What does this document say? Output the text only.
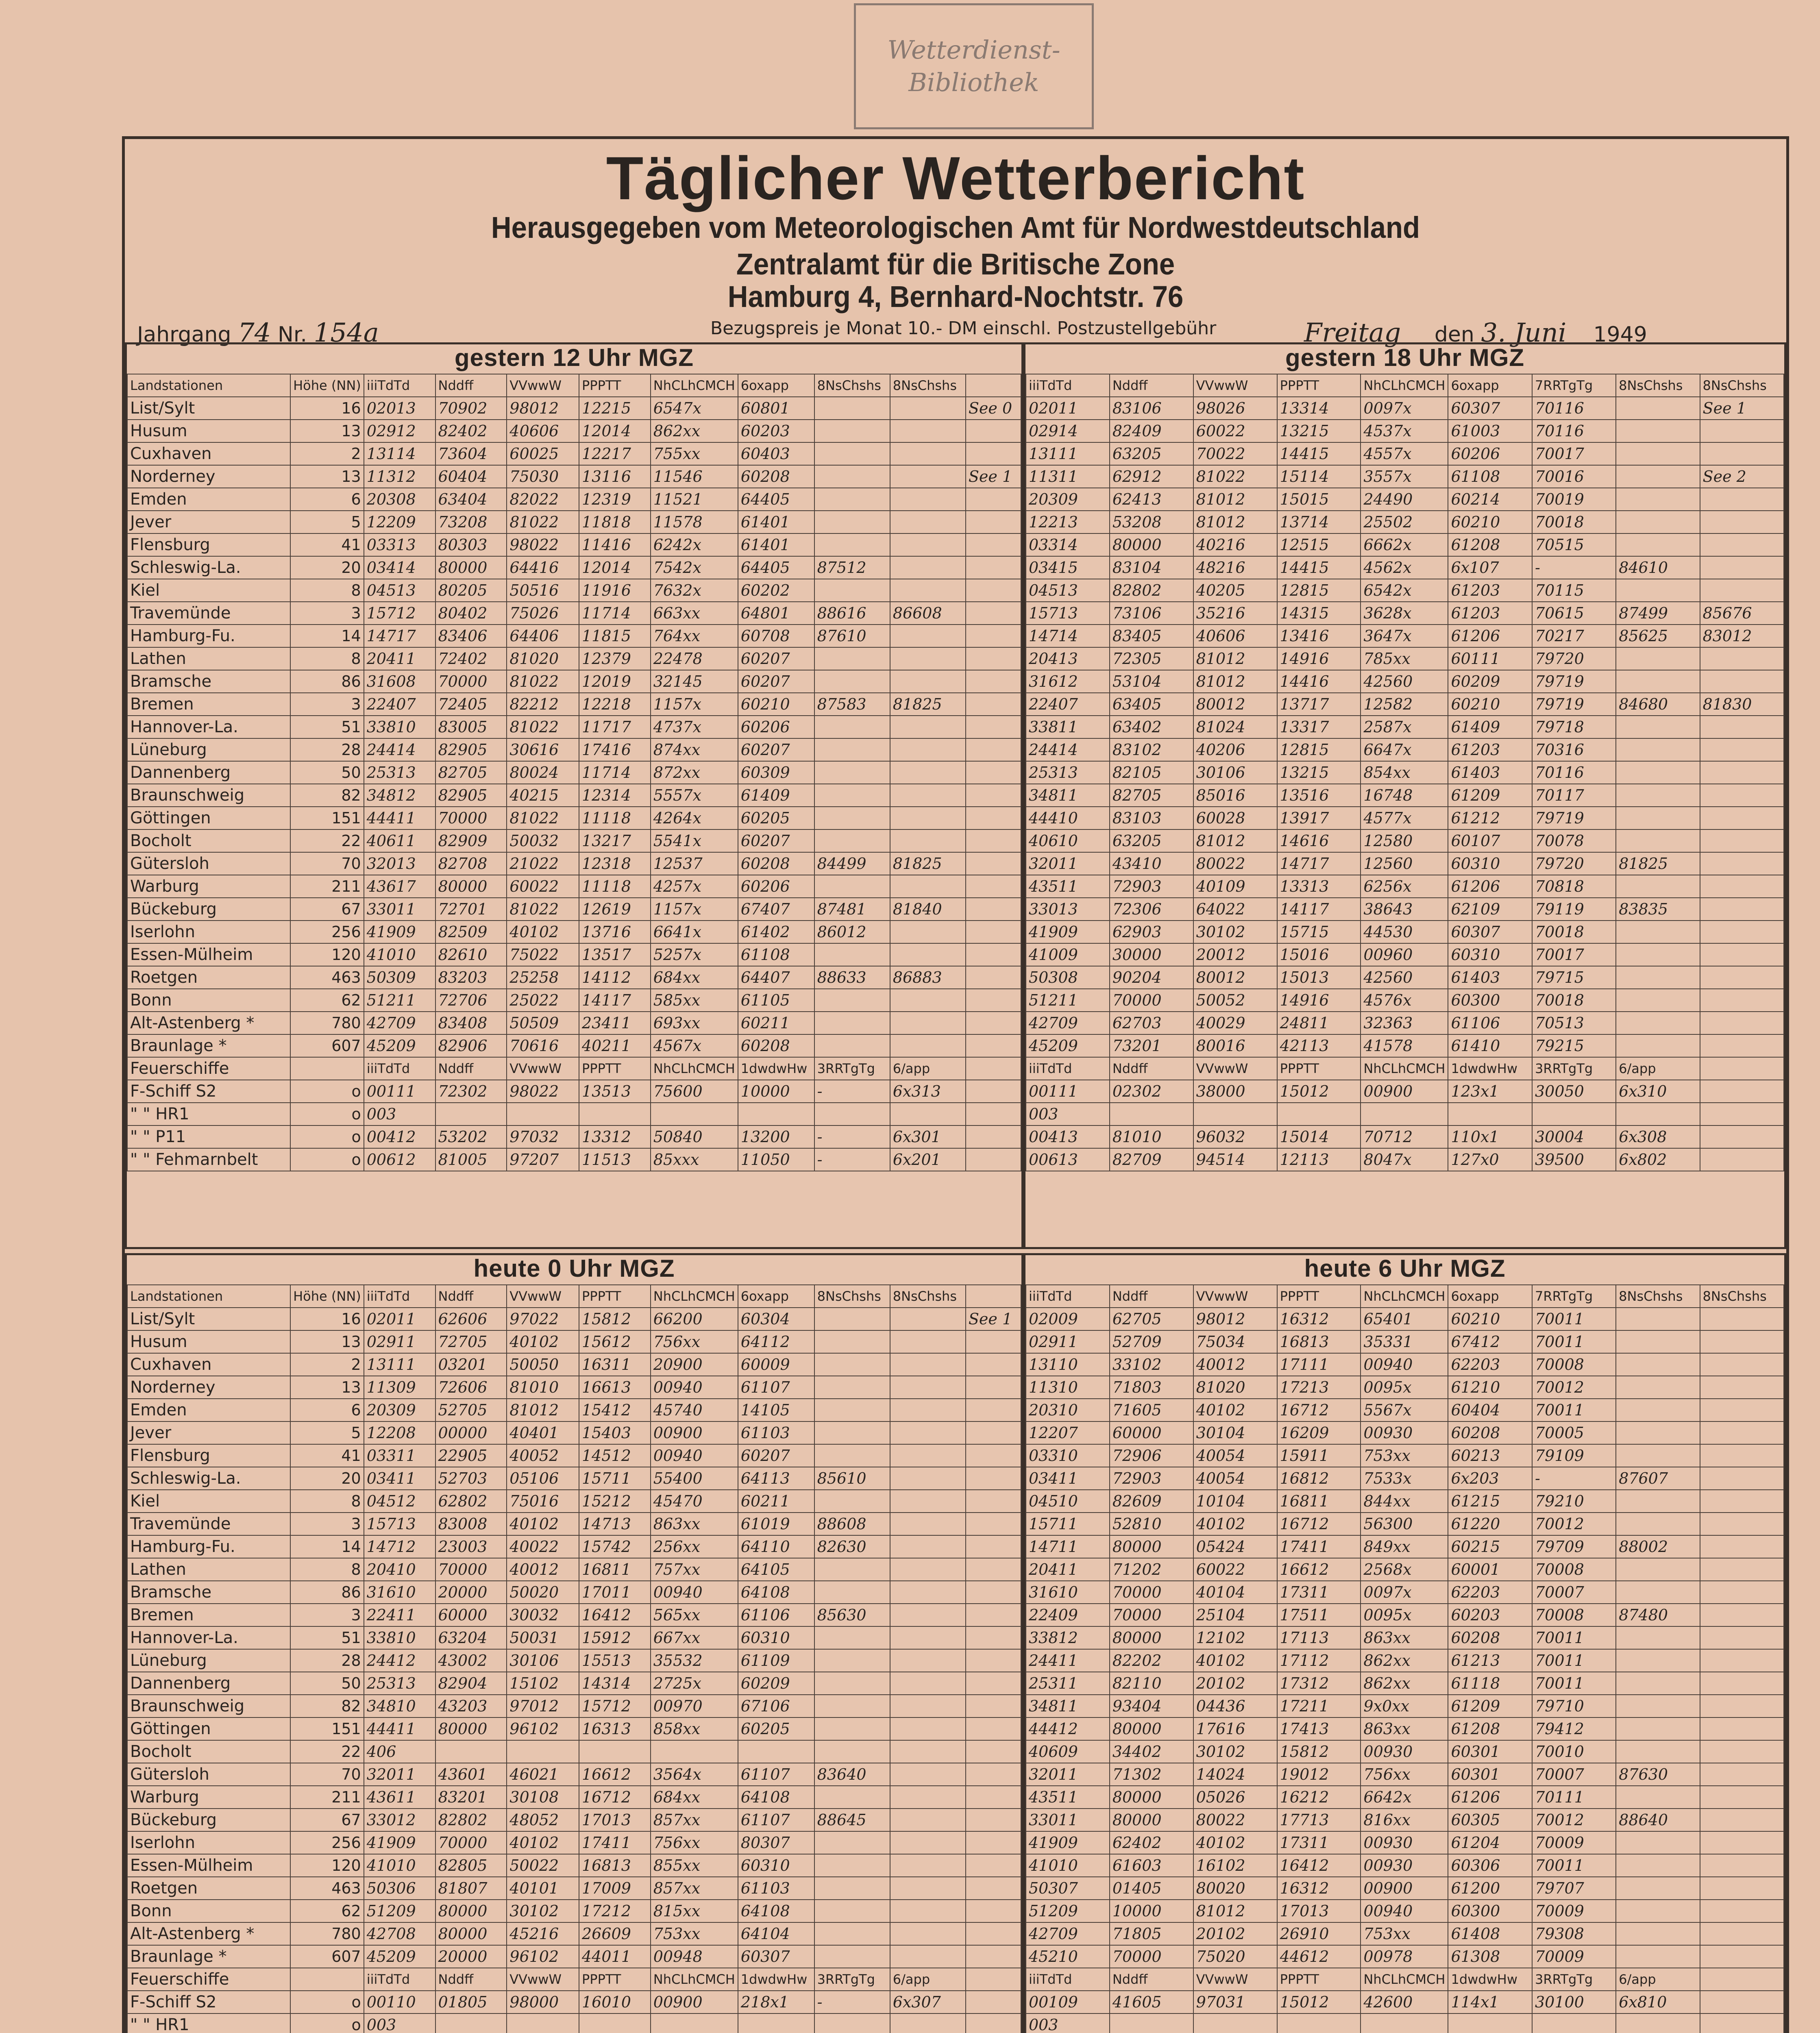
Wetterdienst-
Bibliothek
Täglicher Wetterbericht
Herausgegeben vom Meteorologischen Amt für Nordwestdeutschland
Zentralamt für die Britische Zone
Hamburg 4, Bernhard-Nochtstr. 76
Jahrgang 74 Nr. 154a	Bezugspreis je Monat 10.- DM einschl. Postzustellgebühr	Freitag den 3. Juni 1949
gestern 12 Uhr MGZ
Landstationen	Höhe (NN)	iiiTdTd	Nddff	VVwwW	PPPTT	NhCLhCMCH	6oxapp	8NsChshs	8NsChshs	
List/Sylt	16	02013	70902	98012	12215	6547x	60801			See 0
Husum	13	02912	82402	40606	12014	862xx	60203			
Cuxhaven	2	13114	73604	60025	12217	755xx	60403			
Norderney	13	11312	60404	75030	13116	11546	60208			See 1
Emden	6	20308	63404	82022	12319	11521	64405			
Jever	5	12209	73208	81022	11818	11578	61401			
Flensburg	41	03313	80303	98022	11416	6242x	61401			
Schleswig-La.	20	03414	80000	64416	12014	7542x	64405	87512		
Kiel	8	04513	80205	50516	11916	7632x	60202			
Travemünde	3	15712	80402	75026	11714	663xx	64801	88616	86608	
Hamburg-Fu.	14	14717	83406	64406	11815	764xx	60708	87610		
Lathen	8	20411	72402	81020	12379	22478	60207			
Bramsche	86	31608	70000	81022	12019	32145	60207			
Bremen	3	22407	72405	82212	12218	1157x	60210	87583	81825	
Hannover-La.	51	33810	83005	81022	11717	4737x	60206			
Lüneburg	28	24414	82905	30616	17416	874xx	60207			
Dannenberg	50	25313	82705	80024	11714	872xx	60309			
Braunschweig	82	34812	82905	40215	12314	5557x	61409			
Göttingen	151	44411	70000	81022	11118	4264x	60205			
Bocholt	22	40611	82909	50032	13217	5541x	60207			
Gütersloh	70	32013	82708	21022	12318	12537	60208	84499	81825	
Warburg	211	43617	80000	60022	11118	4257x	60206			
Bückeburg	67	33011	72701	81022	12619	1157x	67407	87481	81840	
Iserlohn	256	41909	82509	40102	13716	6641x	61402	86012		
Essen-Mülheim	120	41010	82610	75022	13517	5257x	61108			
Roetgen	463	50309	83203	25258	14112	684xx	64407	88633	86883	
Bonn	62	51211	72706	25022	14117	585xx	61105			
Alt-Astenberg *	780	42709	83408	50509	23411	693xx	60211			
Braunlage *	607	45209	82906	70616	40211	4567x	60208			
Feuerschiffe		iiiTdTd	Nddff	VVwwW	PPPTT	NhCLhCMCH	1dwdwHw	3RRTgTg	6/app	
F-Schiff S2	o	00111	72302	98022	13513	75600	10000	-	6x313	
" " HR1	o	003								
" " P11	o	00412	53202	97032	13312	50840	13200	-	6x301	
" " Fehmarnbelt	o	00612	81005	97207	11513	85xxx	11050	-	6x201	
gestern 18 Uhr MGZ
iiiTdTd	Nddff	VVwwW	PPPTT	NhCLhCMCH	6oxapp	7RRTgTg	8NsChshs	8NsChshs
02011	83106	98026	13314	0097x	60307	70116		See 1
02914	82409	60022	13215	4537x	61003	70116		
13111	63205	70022	14415	4557x	60206	70017		
11311	62912	81022	15114	3557x	61108	70016		See 2
20309	62413	81012	15015	24490	60214	70019		
12213	53208	81012	13714	25502	60210	70018		
03314	80000	40216	12515	6662x	61208	70515		
03415	83104	48216	14415	4562x	6x107	-	84610	
04513	82802	40205	12815	6542x	61203	70115		
15713	73106	35216	14315	3628x	61203	70615	87499	85676
14714	83405	40606	13416	3647x	61206	70217	85625	83012
20413	72305	81012	14916	785xx	60111	79720		
31612	53104	81012	14416	42560	60209	79719		
22407	63405	80012	13717	12582	60210	79719	84680	81830
33811	63402	81024	13317	2587x	61409	79718		
24414	83102	40206	12815	6647x	61203	70316		
25313	82105	30106	13215	854xx	61403	70116		
34811	82705	85016	13516	16748	61209	70117		
44410	83103	60028	13917	4577x	61212	79719		
40610	63205	81012	14616	12580	60107	70078		
32011	43410	80022	14717	12560	60310	79720	81825	
43511	72903	40109	13313	6256x	61206	70818		
33013	72306	64022	14117	38643	62109	79119	83835	
41909	62903	30102	15715	44530	60307	70018		
41009	30000	20012	15016	00960	60310	70017		
50308	90204	80012	15013	42560	61403	79715		
51211	70000	50052	14916	4576x	60300	70018		
42709	62703	40029	24811	32363	61106	70513		
45209	73201	80016	42113	41578	61410	79215		
iiiTdTd	Nddff	VVwwW	PPPTT	NhCLhCMCH	1dwdwHw	3RRTgTg	6/app	
00111	02302	38000	15012	00900	123x1	30050	6x310	
003								
00413	81010	96032	15014	70712	110x1	30004	6x308	
00613	82709	94514	12113	8047x	127x0	39500	6x802	
heute 0 Uhr MGZ
Landstationen	Höhe (NN)	iiiTdTd	Nddff	VVwwW	PPPTT	NhCLhCMCH	6oxapp	8NsChshs	8NsChshs	
List/Sylt	16	02011	62606	97022	15812	66200	60304			See 1
Husum	13	02911	72705	40102	15612	756xx	64112			
Cuxhaven	2	13111	03201	50050	16311	20900	60009			
Norderney	13	11309	72606	81010	16613	00940	61107			
Emden	6	20309	52705	81012	15412	45740	14105			
Jever	5	12208	00000	40401	15403	00900	61103			
Flensburg	41	03311	22905	40052	14512	00940	60207			
Schleswig-La.	20	03411	52703	05106	15711	55400	64113	85610		
Kiel	8	04512	62802	75016	15212	45470	60211			
Travemünde	3	15713	83008	40102	14713	863xx	61019	88608		
Hamburg-Fu.	14	14712	23003	40022	15742	256xx	64110	82630		
Lathen	8	20410	70000	40012	16811	757xx	64105			
Bramsche	86	31610	20000	50020	17011	00940	64108			
Bremen	3	22411	60000	30032	16412	565xx	61106	85630		
Hannover-La.	51	33810	63204	50031	15912	667xx	60310			
Lüneburg	28	24412	43002	30106	15513	35532	61109			
Dannenberg	50	25313	82904	15102	14314	2725x	60209			
Braunschweig	82	34810	43203	97012	15712	00970	67106			
Göttingen	151	44411	80000	96102	16313	858xx	60205			
Bocholt	22	406								
Gütersloh	70	32011	43601	46021	16612	3564x	61107	83640		
Warburg	211	43611	83201	30108	16712	684xx	64108			
Bückeburg	67	33012	82802	48052	17013	857xx	61107	88645		
Iserlohn	256	41909	70000	40102	17411	756xx	80307			
Essen-Mülheim	120	41010	82805	50022	16813	855xx	60310			
Roetgen	463	50306	81807	40101	17009	857xx	61103			
Bonn	62	51209	80000	30102	17212	815xx	64108			
Alt-Astenberg *	780	42708	80000	45216	26609	753xx	64104			
Braunlage *	607	45209	20000	96102	44011	00948	60307			
Feuerschiffe		iiiTdTd	Nddff	VVwwW	PPPTT	NhCLhCMCH	1dwdwHw	3RRTgTg	6/app	
F-Schiff S2	o	00110	01805	98000	16010	00900	218x1	-	6x307	
" " HR1	o	003								

heute 6 Uhr MGZ
iiiTdTd	Nddff	VVwwW	PPPTT	NhCLhCMCH	6oxapp	7RRTgTg	8NsChshs	8NsChshs
02009	62705	98012	16312	65401	60210	70011		
02911	52709	75034	16813	35331	67412	70011		
13110	33102	40012	17111	00940	62203	70008		
11310	71803	81020	17213	0095x	61210	70012		
20310	71605	40102	16712	5567x	60404	70011		
12207	60000	30104	16209	00930	60208	70005		
03310	72906	40054	15911	753xx	60213	79109		
03411	72903	40054	16812	7533x	6x203	-	87607	
04510	82609	10104	16811	844xx	61215	79210		
15711	52810	40102	16712	56300	61220	70012		
14711	80000	05424	17411	849xx	60215	79709	88002	
20411	71202	60022	16612	2568x	60001	70008		
31610	70000	40104	17311	0097x	62203	70007		
22409	70000	25104	17511	0095x	60203	70008	87480	
33812	80000	12102	17113	863xx	60208	70011		
24411	82202	40102	17112	862xx	61213	70011		
25311	82110	20102	17312	862xx	61118	70011		
34811	93404	04436	17211	9x0xx	61209	79710		
44412	80000	17616	17413	863xx	61208	79412		
40609	34402	30102	15812	00930	60301	70010		
32011	71302	14024	19012	756xx	60301	70007	87630	
43511	80000	05026	16212	6642x	61206	70111		
33011	80000	80022	17713	816xx	60305	70012	88640	
41909	62402	40102	17311	00930	61204	70009		
41010	61603	16102	16412	00930	60306	70011		
50307	01405	80020	16312	00900	61200	79707		
51209	10000	81012	17013	00940	60300	70009		
42709	71805	20102	26910	753xx	61408	79308		
45210	70000	75020	44612	00978	61308	70009		
iiiTdTd	Nddff	VVwwW	PPPTT	NhCLhCMCH	1dwdwHw	3RRTgTg	6/app	
00109	41605	97031	15012	42600	114x1	30100	6x810	
003								
